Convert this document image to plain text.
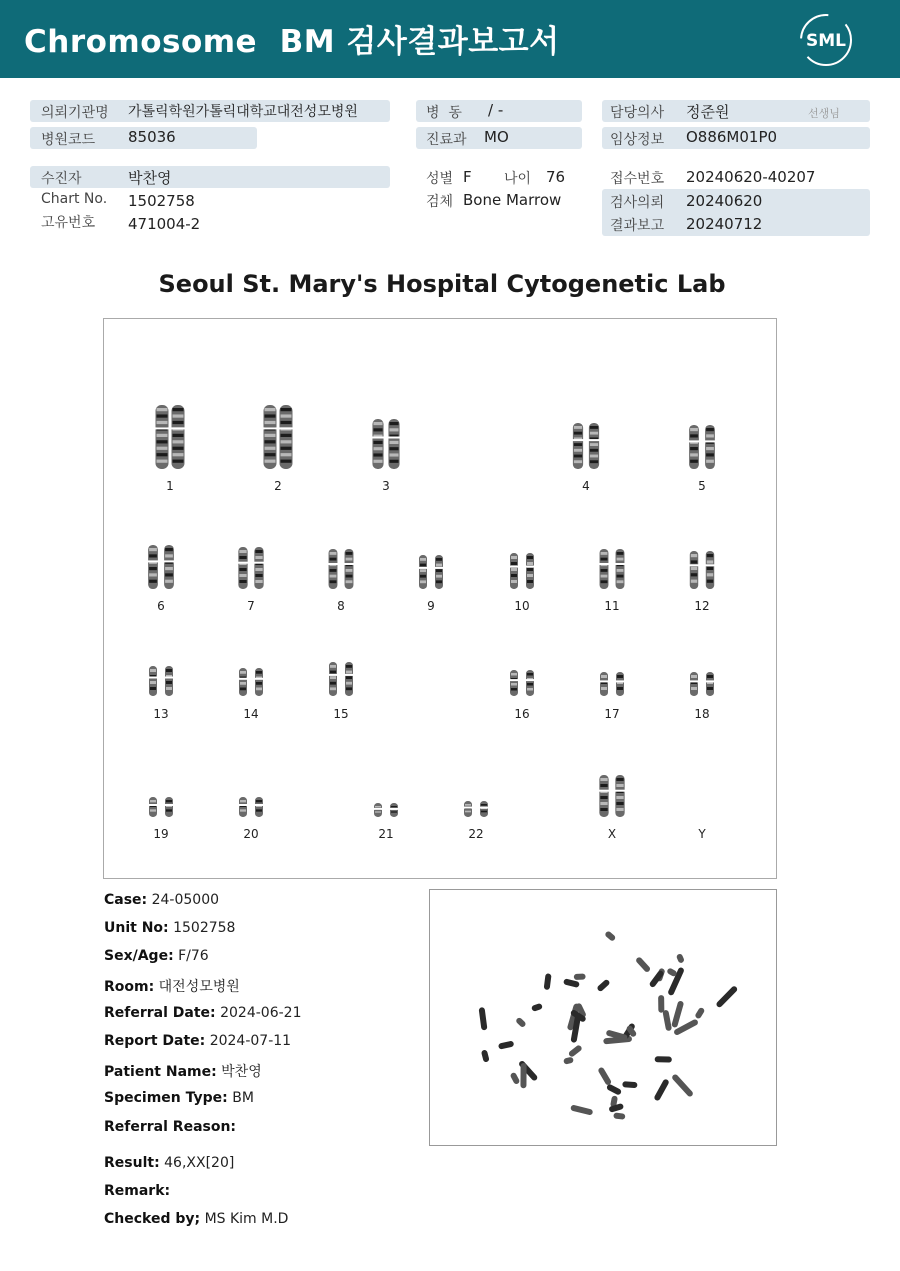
Chromosome  BM 검사결과보고서	SML
의뢰기관명 가톨릭학원가톨릭대학교대전성모병원
병원코드 85036
수진자	박찬영
Chart No. 1502758
고유번호 471004-2
병  동 / -
진료과 MO
성별 F 나이 76
검체 Bone Marrow
담당의사 정준원	선생님
임상정보 O886M01P0
접수번호 20240620-40207
검사의뢰 20240620
결과보고 20240712
Seoul St. Mary's Hospital Cytogenetic Lab
1	2	3	4	5
6	7	8	9	10	11	12
13	14	15	16	17	18
19	20	21	22	X	Y
Case: 24-05000
Unit No: 1502758
Sex/Age: F/76
Room: 대전성모병원
Referral Date: 2024-06-21
Report Date: 2024-07-11
Patient Name: 박찬영
Specimen Type: BM
Referral Reason:
Result: 46,XX[20]
Remark:
Checked by; MS Kim M.D
